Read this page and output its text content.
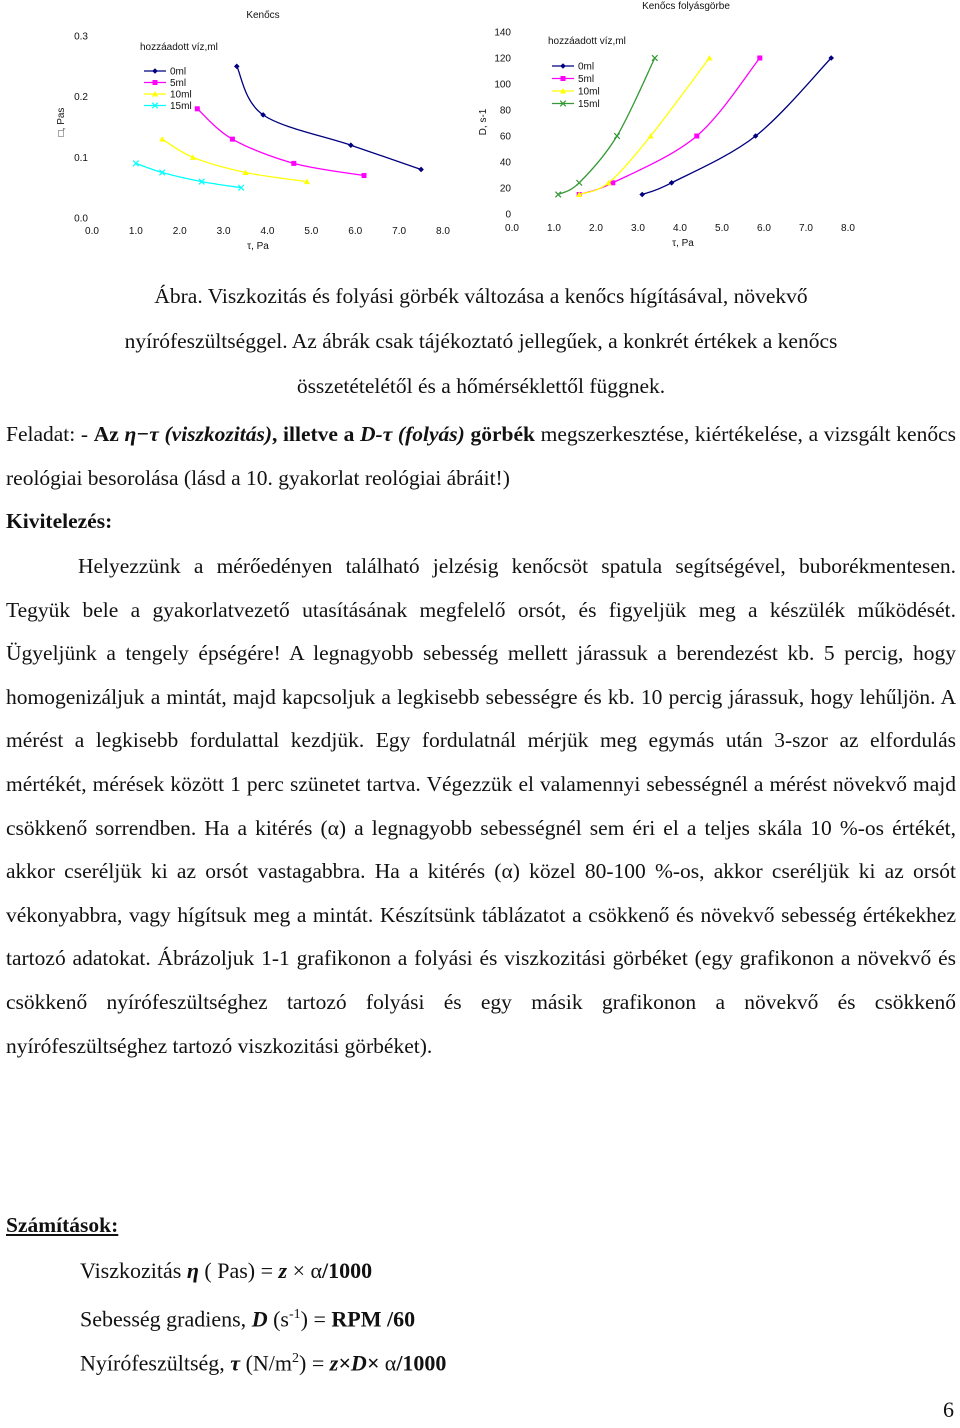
Kenőcs
□, Pas
τ, Pa
hozzáadott víz,ml
0.0
0.1
0.2
0.3
0.0	1.0	2.0	3.0	4.0	5.0	6.0	7.0	8.0
0ml
5ml
10ml
15ml
Kenőcs folyásgörbe
D, s-1
τ, Pa
hozzáadott víz,ml
0
20
40
60
80
100
120
140
0.0	1.0	2.0	3.0	4.0	5.0	6.0	7.0	8.0
0ml
5ml
10ml
15ml
Ábra. Viszkozitás és folyási görbék változása a kenőcs hígításával, növekvő
nyírófeszültséggel. Az ábrák csak tájékoztató jellegűek, a konkrét értékek a kenőcs
összetételétől és a hőmérséklettől függnek.
Feladat: - Az η−τ (viszkozitás), illetve a D-τ (folyás) görbék megszerkesztése, kiértékelése, a vizsgált kenőcs reológiai besorolása (lásd a 10. gyakorlat reológiai ábráit!)
Kivitelezés:
Helyezzünk a mérőedényen található jelzésig kenőcsöt spatula segítségével, buborékmentesen. Tegyük bele a gyakorlatvezető utasításának megfelelő orsót, és figyeljük meg a készülék működését. Ügyeljünk a tengely épségére! A legnagyobb sebesség mellett járassuk a berendezést kb. 5 percig, hogy homogenizáljuk a mintát, majd kapcsoljuk a legkisebb sebességre és kb. 10 percig járassuk, hogy lehűljön. A mérést a legkisebb fordulattal kezdjük. Egy fordulatnál mérjük meg egymás után 3-szor az elfordulás mértékét, mérések között 1 perc szünetet tartva. Végezzük el valamennyi sebességnél a mérést növekvő majd csökkenő sorrendben. Ha a kitérés (α) a legnagyobb sebességnél sem éri el a teljes skála 10 %-os értékét, akkor cseréljük ki az orsót vastagabbra. Ha a kitérés (α) közel 80-100 %-os, akkor cseréljük ki az orsót vékonyabbra, vagy hígítsuk meg a mintát. Készítsünk táblázatot a csökkenő és növekvő sebesség értékekhez tartozó adatokat. Ábrázoljuk 1-1 grafikonon a folyási és viszkozitási görbéket (egy grafikonon a növekvő és csökkenő nyírófeszültséghez tartozó folyási és egy másik grafikonon a növekvő és csökkenő nyírófeszültséghez tartozó viszkozitási görbéket).
Számítások:
Viszkozitás η ( Pas) = z × α/1000
Sebesség gradiens, D $(s^{-1})$ = RPM /60
Nyírófeszültség, τ $(N/m^2) = z\times D\times \alpha/1000$
6
